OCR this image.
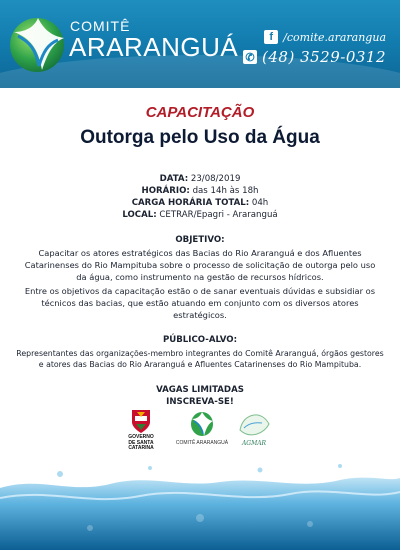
COMITÊ
ARARANGUÁ	f /comite.ararangua
✆ (48) 3529-0312
CAPACITAÇÃO
Outorga pelo Uso da Água
DATA: 23/08/2019
HORÁRIO: das 14h às 18h
CARGA HORÁRIA TOTAL: 04h
LOCAL: CETRAR/Epagri - Araranguá
OBJETIVO:
Capacitar os atores estratégicos das Bacias do Rio Araranguá e dos Afluentes Catarinenses do Rio Mampituba sobre o processo de solicitação de outorga pelo uso da água, como instrumento na gestão de recursos hídricos.
Entre os objetivos da capacitação estão o de sanar eventuais dúvidas e subsidiar os técnicos das bacias, que estão atuando em conjunto com os diversos atores estratégicos.
PÚBLICO-ALVO:
Representantes das organizações-membro integrantes do Comitê Araranguá, órgãos gestores e atores das Bacias do Rio Araranguá e Afluentes Catarinenses do Rio Mampituba.
VAGAS LIMITADAS
INSCREVA-SE!
GOVERNO
DE SANTA
CATARINA
COMITÊ ARARANGUÁ	AGMAR
